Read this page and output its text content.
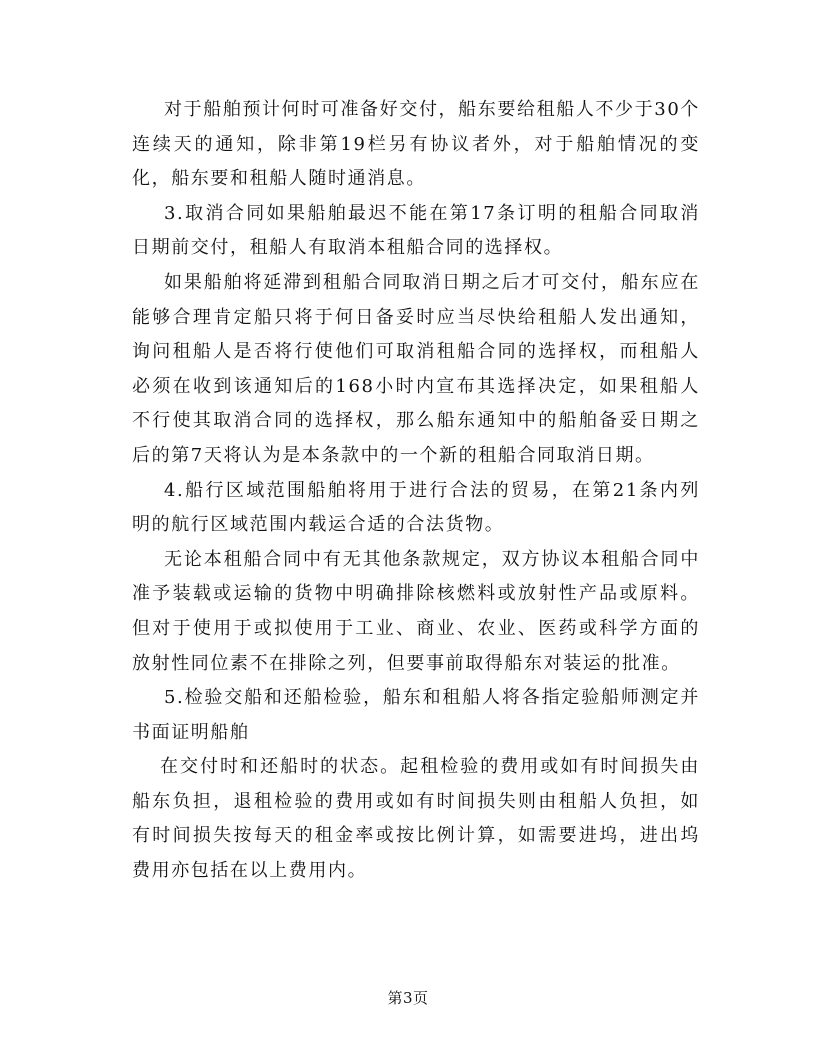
对于船舶预计何时可准备好交付，船东要给租船人不少于30个连续天的通知，除非第19栏另有协议者外，对于船舶情况的变化，船东要和租船人随时通消息。

3.取消合同如果船舶最迟不能在第17条订明的租船合同取消日期前交付，租船人有取消本租船合同的选择权。

如果船舶将延滞到租船合同取消日期之后才可交付，船东应在能够合理肯定船只将于何日备妥时应当尽快给租船人发出通知，询问租船人是否将行使他们可取消租船合同的选择权，而租船人必须在收到该通知后的168小时内宣布其选择决定，如果租船人不行使其取消合同的选择权，那么船东通知中的船舶备妥日期之后的第7天将认为是本条款中的一个新的租船合同取消日期。

4.船行区域范围船舶将用于进行合法的贸易，在第21条内列明的航行区域范围内载运合适的合法货物。

无论本租船合同中有无其他条款规定，双方协议本租船合同中准予装载或运输的货物中明确排除核燃料或放射性产品或原料。但对于使用于或拟使用于工业、商业、农业、医药或科学方面的放射性同位素不在排除之列，但要事前取得船东对装运的批准。

5.检验交船和还船检验，船东和租船人将各指定验船师测定并书面证明船舶

在交付时和还船时的状态。起租检验的费用或如有时间损失由船东负担，退租检验的费用或如有时间损失则由租船人负担，如有时间损失按每天的租金率或按比例计算，如需要进坞，进出坞费用亦包括在以上费用内。

第3页
